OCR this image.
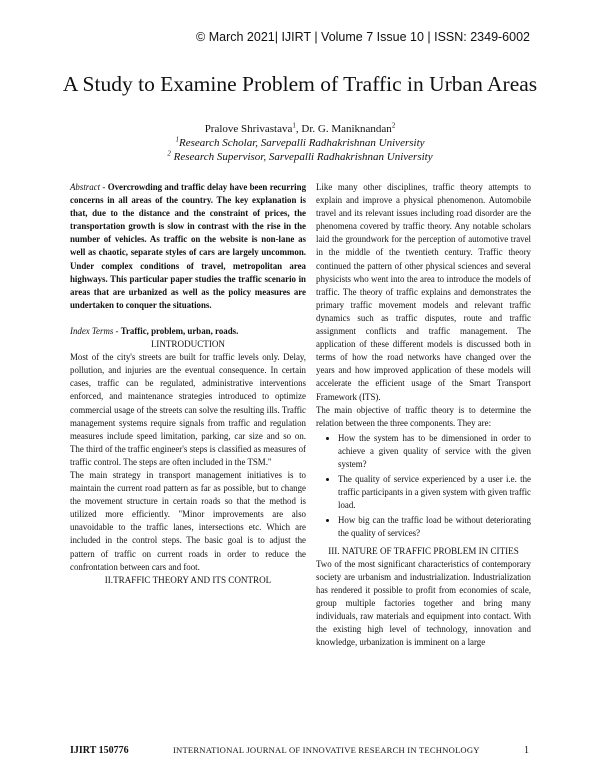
© March 2021| IJIRT | Volume 7 Issue 10 | ISSN: 2349-6002
A Study to Examine Problem of Traffic in Urban Areas
Pralove Shrivastava$^1$, Dr. G. Maniknandan$^2$
$^1$Research Scholar, Sarvepalli Radhakrishnan University
$^2$ Research Supervisor, Sarvepalli Radhakrishnan University

Abstract - Overcrowding and traffic delay have been recurring concerns in all areas of the country. The key explanation is that, due to the distance and the constraint of prices, the transportation growth is slow in contrast with the rise in the number of vehicles. As traffic on the website is non-lane as well as chaotic, separate styles of cars are largely uncommon. Under complex conditions of travel, metropolitan area highways. This particular paper studies the traffic scenario in areas that are urbanized as well as the policy measures are undertaken to conquer the situations.

Index Terms - Traffic, problem, urban, roads.

I.INTRODUCTION

Most of the city's streets are built for traffic levels only. Delay, pollution, and injuries are the eventual consequence. In certain cases, traffic can be regulated, administrative interventions enforced, and maintenance strategies introduced to optimize commercial usage of the streets can solve the resulting ills. Traffic management systems require signals from traffic and regulation measures include speed limitation, parking, car size and so on. The third of the traffic engineer's steps is classified as measures of traffic control. The steps are often included in the TSM."

The main strategy in transport management initiatives is to maintain the current road pattern as far as possible, but to change the movement structure in certain roads so that the method is utilized more efficiently. "Minor improvements are also unavoidable to the traffic lanes, intersections etc. Which are included in the control steps. The basic goal is to adjust the pattern of traffic on current roads in order to reduce the confrontation between cars and foot.

II.TRAFFIC THEORY AND ITS CONTROL

Like many other disciplines, traffic theory attempts to explain and improve a physical phenomenon. Automobile travel and its relevant issues including road disorder are the phenomena covered by traffic theory. Any notable scholars laid the groundwork for the perception of automotive travel in the middle of the twentieth century. Traffic theory continued the pattern of other physical sciences and several physicists who went into the area to introduce the models of traffic. The theory of traffic explains and demonstrates the primary traffic movement models and relevant traffic dynamics such as traffic disputes, route and traffic assignment conflicts and traffic management. The application of these different models is discussed both in terms of how the road networks have changed over the years and how improved application of these models will accelerate the efficient usage of the Smart Transport Framework (ITS).

The main objective of traffic theory is to determine the relation between the three components. They are:

• How the system has to be dimensioned in order to achieve a given quality of service with the given system?
• The quality of service experienced by a user i.e. the traffic participants in a given system with given traffic load.
• How big can the traffic load be without deteriorating the quality of services?

III. NATURE OF TRAFFIC PROBLEM IN CITIES

Two of the most significant characteristics of contemporary society are urbanism and industrialization. Industrialization has rendered it possible to profit from economies of scale, group multiple factories together and bring many individuals, raw materials and equipment into contact. With the existing high level of technology, innovation and knowledge, urbanization is imminent on a large

IJIRT 150776	INTERNATIONAL JOURNAL OF INNOVATIVE RESEARCH IN TECHNOLOGY	1
